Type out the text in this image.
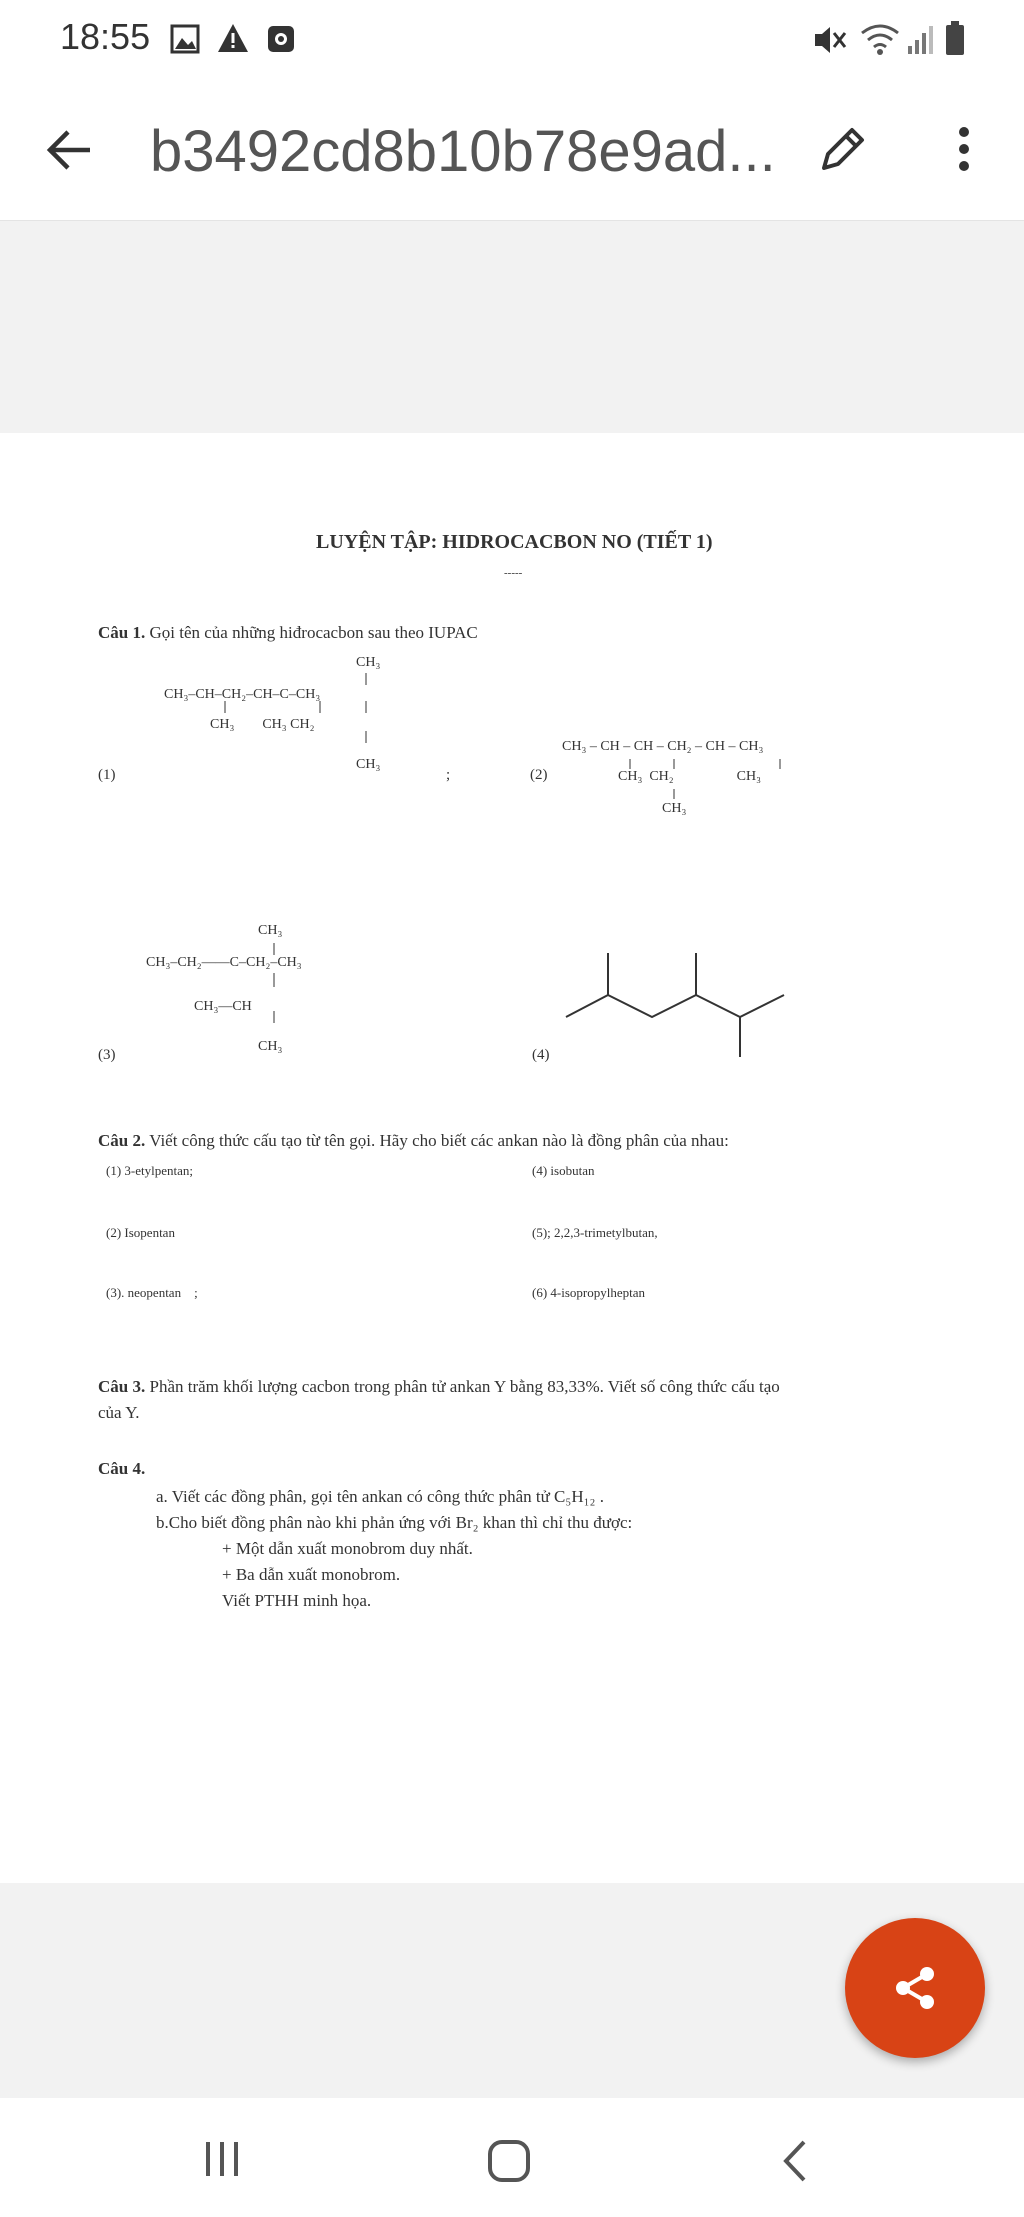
18:55
b3492cd8b10b78e9ad...
LUYỆN TẬP: HIDROCACBON NO (TIẾT 1)
-----
Câu 1. Gọi tên của những hiđrocacbon sau theo IUPAC
CH₃
CH₃–CH–CH₂–CH–C–CH₃
CH₃        CH₃ CH₂
CH₃
(1)	;	(2)
CH₃ – CH – CH – CH₂ – CH – CH₃
CH₃  CH₂                  CH₃
CH₃
CH₃
CH₃–CH₂——C–CH₂–CH₃
CH₃—CH
CH₃
(3)	(4)
Câu 2. Viết công thức cấu tạo từ tên gọi. Hãy cho biết các ankan nào là đồng phân của nhau:
(1) 3-etylpentan;	(4) isobutan
(2) Isopentan	(5); 2,2,3-trimetylbutan,
(3). neopentan    ;	(6) 4-isopropylheptan
Câu 3. Phần trăm khối lượng cacbon trong phân tử ankan Y bằng 83,33%. Viết số công thức cấu tạo
của Y.
Câu 4.
a. Viết các đồng phân, gọi tên ankan có công thức phân tử C₅H₁₂ .
b.Cho biết đồng phân nào khi phản ứng với Br₂ khan thì chỉ thu được:
+ Một dẫn xuất monobrom duy nhất.
+ Ba dẫn xuất monobrom.
Viết PTHH minh họa.
